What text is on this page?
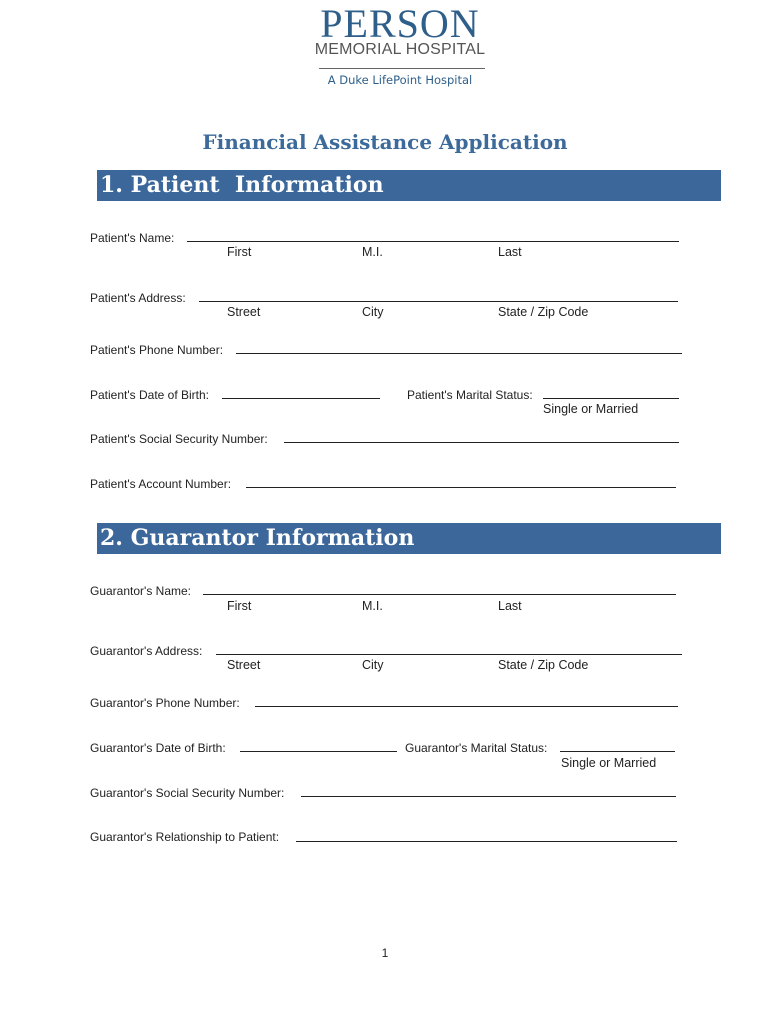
PERSON
MEMORIAL HOSPITAL
A Duke LifePoint Hospital
Financial Assistance Application
1. Patient  Information
Patient's Name:
First	M.I.	Last
Patient's Address:
Street	City	State / Zip Code
Patient's Phone Number:
Patient's Date of Birth:	Patient's Marital Status:
Single or Married
Patient's Social Security Number:
Patient's Account Number:
2. Guarantor Information
Guarantor's Name:
First	M.I.	Last
Guarantor's Address:
Street	City	State / Zip Code
Guarantor's Phone Number:
Guarantor's Date of Birth:	Guarantor's Marital Status:
Single or Married
Guarantor's Social Security Number:
Guarantor's Relationship to Patient:
1
